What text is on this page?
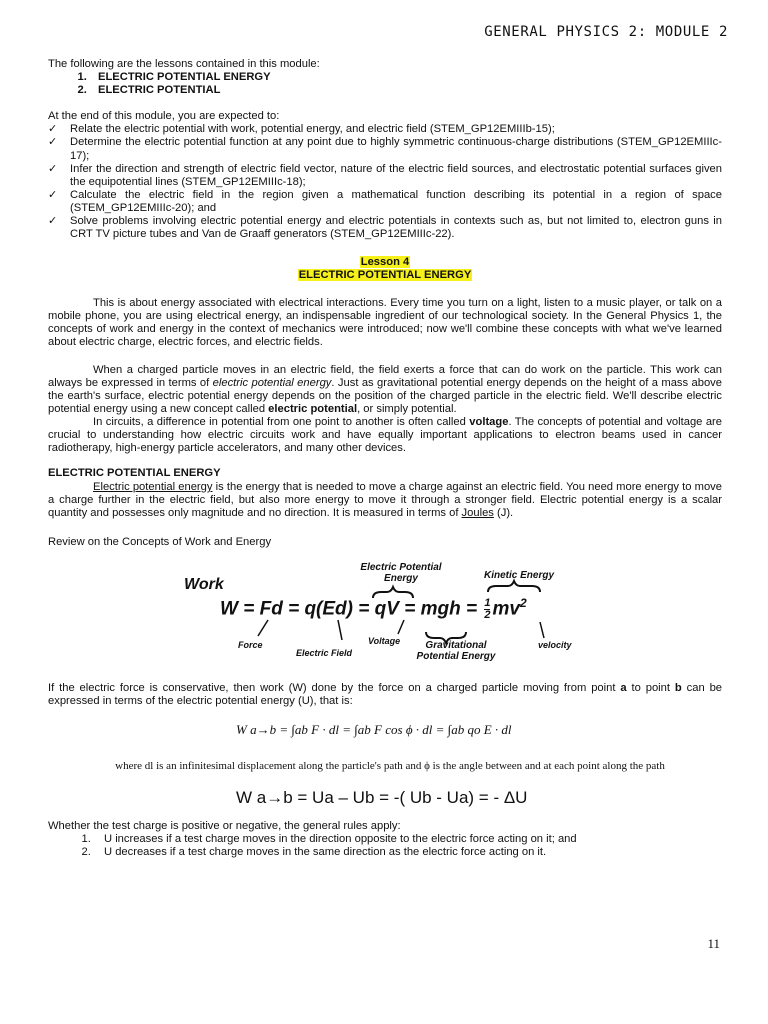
GENERAL PHYSICS 2: MODULE 2
The following are the lessons contained in this module:
1. ELECTRIC POTENTIAL ENERGY
2. ELECTRIC POTENTIAL
At the end of this module, you are expected to:
✓ Relate the electric potential with work, potential energy, and electric field (STEM_GP12EMIIIb-15);
✓ Determine the electric potential function at any point due to highly symmetric continuous-charge distributions (STEM_GP12EMIIIc-17);
✓ Infer the direction and strength of electric field vector, nature of the electric field sources, and electrostatic potential surfaces given the equipotential lines (STEM_GP12EMIIIc-18);
✓ Calculate the electric field in the region given a mathematical function describing its potential in a region of space (STEM_GP12EMIIIc-20); and
✓ Solve problems involving electric potential energy and electric potentials in contexts such as, but not limited to, electron guns in CRT TV picture tubes and Van de Graaff generators (STEM_GP12EMIIIc-22).
Lesson 4
ELECTRIC POTENTIAL ENERGY
This is about energy associated with electrical interactions. Every time you turn on a light, listen to a music player, or talk on a mobile phone, you are using electrical energy, an indispensable ingredient of our technological society. In the General Physics 1, the concepts of work and energy in the context of mechanics were introduced; now we'll combine these concepts with what we've learned about electric charge, electric forces, and electric fields.
When a charged particle moves in an electric field, the field exerts a force that can do work on the particle. This work can always be expressed in terms of electric potential energy. Just as gravitational potential energy depends on the height of a mass above the earth's surface, electric potential energy depends on the position of the charged particle in the electric field. We'll describe electric potential energy using a new concept called electric potential, or simply potential.
In circuits, a difference in potential from one point to another is often called voltage. The concepts of potential and voltage are crucial to understanding how electric circuits work and have equally important applications to electron beams used in cancer radiotherapy, high-energy particle accelerators, and many other devices.
ELECTRIC POTENTIAL ENERGY
Electric potential energy is the energy that is needed to move a charge against an electric field. You need more energy to move a charge further in the electric field, but also more energy to move it through a stronger field. Electric potential energy is a scalar quantity and possesses only magnitude and no direction. It is measured in terms of Joules (J).
Review on the Concepts of Work and Energy
Work
Electric Potential Energy	Kinetic Energy
W = Fd = q(Ed) = qV = mgh = $\frac{1}{2} mv^2$
Force
Electric Field
Voltage	Gravitational Potential Energy
velocity
If the electric force is conservative, then work (W) done by the force on a charged particle moving from point a to point b can be expressed in terms of the electric potential energy (U), that is:
W a→b = ∫ab F · dl = ∫ab F cos ϕ · dl = ∫ab qo E · dl
where dl is an infinitesimal displacement along the particle's path and ϕ is the angle between and at each point along the path
W a→b = Ua – Ub = -( Ub - Ua) = - ΔU
Whether the test charge is positive or negative, the general rules apply:
1. U increases if a test charge moves in the direction opposite to the electric force acting on it; and
2. U decreases if a test charge moves in the same direction as the electric force acting on it.
11
